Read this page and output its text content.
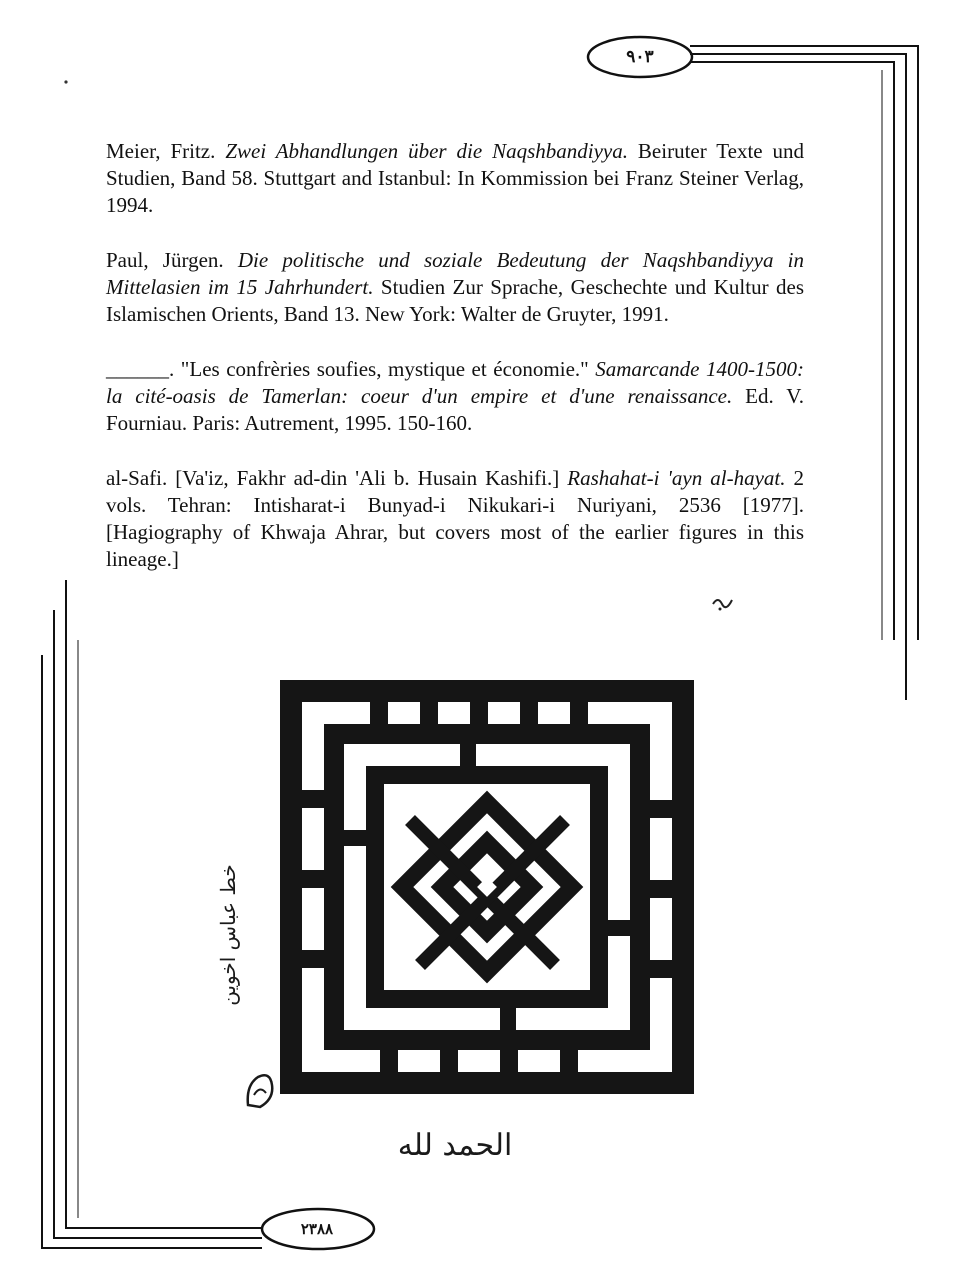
٩٠٣
٢٣٨٨

Meier, Fritz. Zwei Abhandlungen über die Naqshbandiyya. Beiruter Texte und Studien, Band 58. Stuttgart and Istanbul: In Kommission bei Franz Steiner Verlag, 1994.

Paul, Jürgen. Die politische und soziale Bedeutung der Naqshbandiyya in Mittelasien im 15 Jahrhundert. Studien Zur Sprache, Geschechte und Kultur des Islamischen Orients, Band 13. New York: Walter de Gruyter, 1991.

______. "Les confrèries soufies, mystique et économie." Samarcande 1400-1500: la cité-oasis de Tamerlan: coeur d'un empire et d'une renaissance. Ed. V. Fourniau. Paris: Autrement, 1995. 150-160.

al-Safi. [Va'iz, Fakhr ad-din 'Ali b. Husain Kashifi.] Rashahat-i 'ayn al-hayat. 2 vols. Tehran: Intisharat-i Bunyad-i Nikukari-i Nuriyani, 2536 [1977]. [Hagiography of Khwaja Ahrar, but covers most of the earlier figures in this lineage.]

خط عباس اخوين
الحمد لله
